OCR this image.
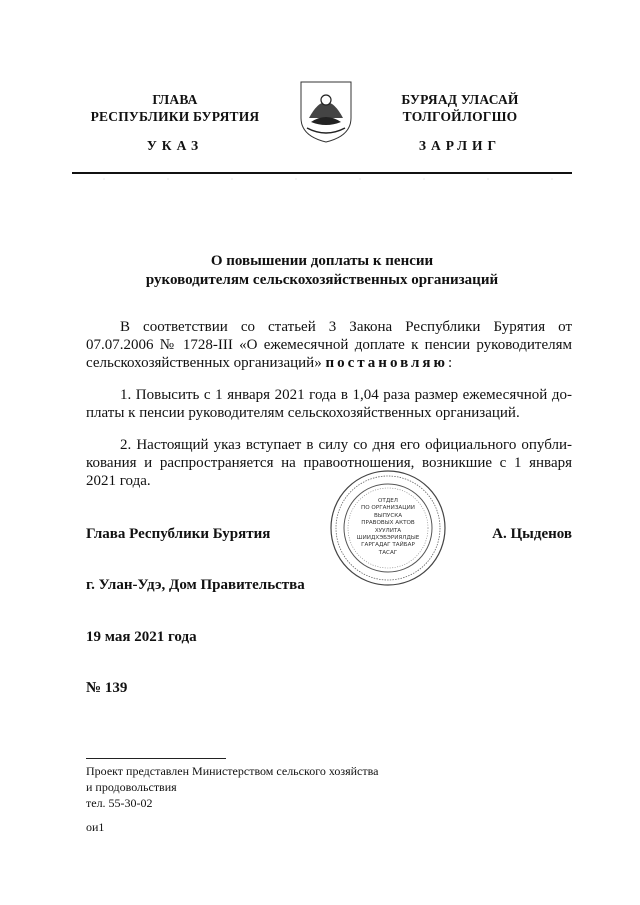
ГЛАВА
РЕСПУБЛИКИ БУРЯТИЯ
УКАЗ
БУРЯАД УЛАСАЙ
ТОЛГОЙЛОГШО
ЗАРЛИГ
О повышении доплаты к пенсии
руководителям сельскохозяйственных организаций
В соответствии со статьей 3 Закона Республики Бурятия от
07.07.2006 № 1728-III «О ежемесячной доплате к пенсии руководителям
сельскохозяйственных организаций» постановляю:
1. Повысить с 1 января 2021 года в 1,04 раза размер ежемесячной до-
платы к пенсии руководителям сельскохозяйственных организаций.
2. Настоящий указ вступает в силу со дня его официального опубли-
кования и распространяется на правоотношения, возникшие с 1 января
2021 года.
ОТДЕЛ
ПО ОРГАНИЗАЦИИ
ВЫПУСКА
ПРАВОВЫХ АКТОВ
ХУУЛИТА
ШИИДХЭБЭРИЯЛДЫЕ
ГАРГАДАГ ТАЙБАР
ТАСАГ
Глава Республики Бурятия	А. Цыденов
г. Улан-Удэ, Дом Правительства
19 мая 2021 года
№ 139
Проект представлен Министерством сельского хозяйства
и продовольствия
тел. 55-30-02
ои1
